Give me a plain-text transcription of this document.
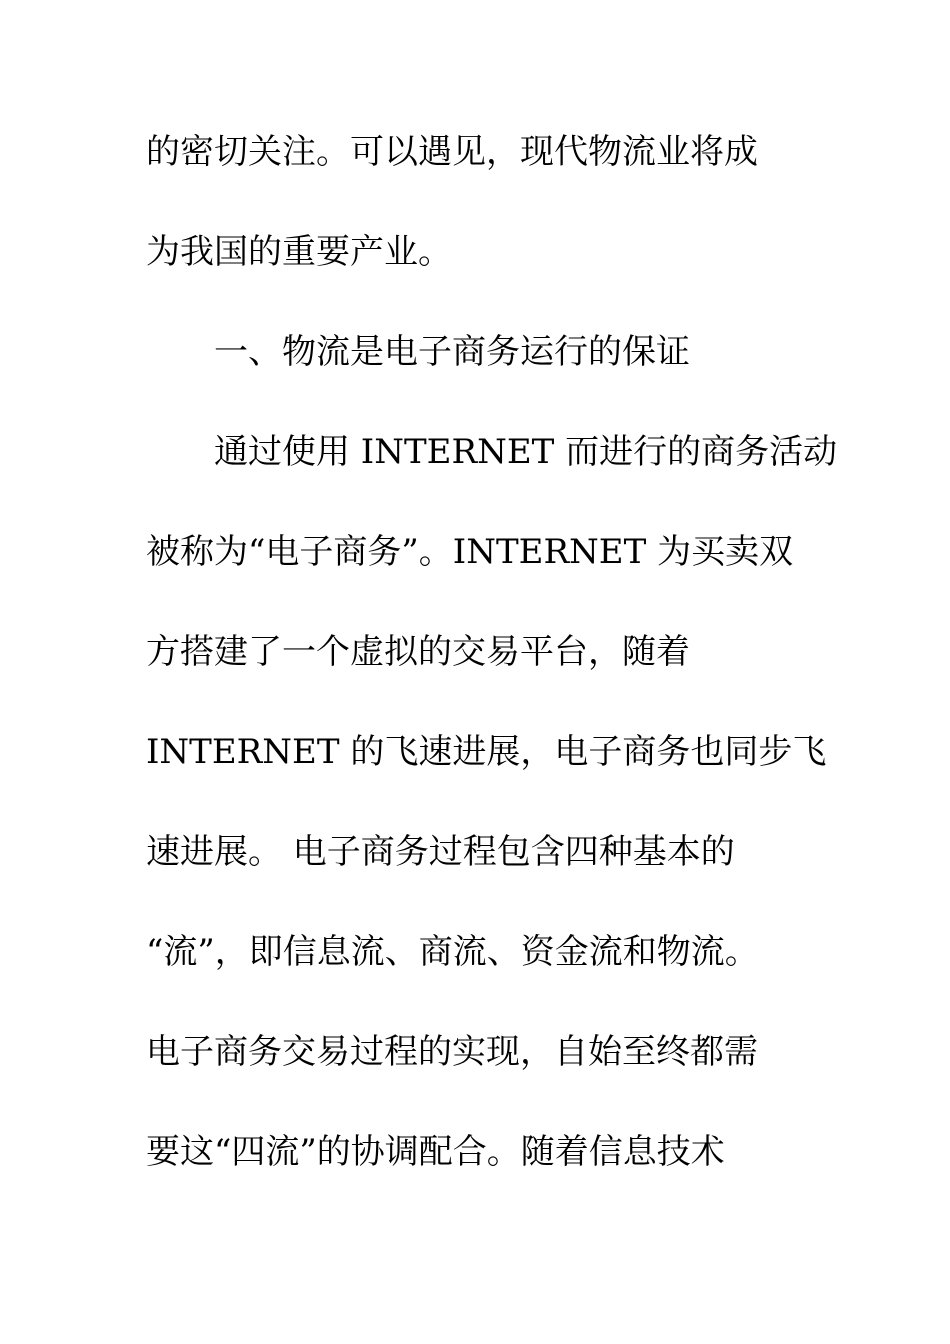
的密切关注。可以遇见，现代物流业将成
为我国的重要产业。
一、物流是电子商务运行的保证
通过使用 INTERNET 而进行的商务活动
被称为“电子商务”。INTERNET 为买卖双
方搭建了一个虚拟的交易平台，随着
INTERNET 的飞速进展，电子商务也同步飞
速进展。 电子商务过程包含四种基本的
“流”，即信息流、商流、资金流和物流。
电子商务交易过程的实现，自始至终都需
要这“四流”的协调配合。随着信息技术
